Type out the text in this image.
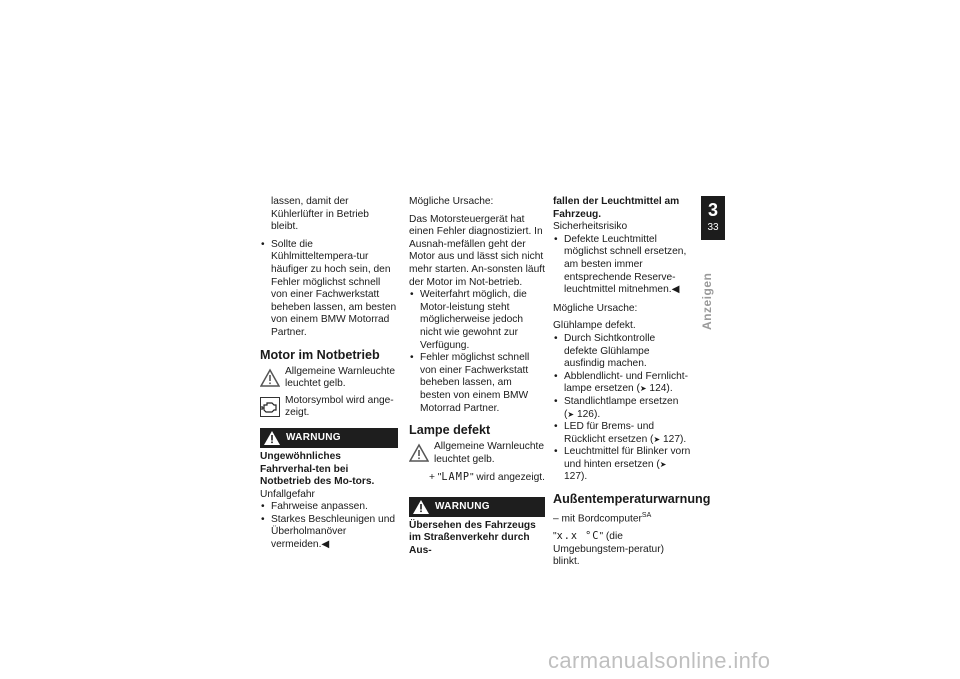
lassen, damit der Kühlerlüfter in Betrieb bleibt.

• Sollte die Kühlmitteltempera-tur häufiger zu hoch sein, den Fehler möglichst schnell von einer Fachwerkstatt beheben lassen, am besten von einem BMW Motorrad Partner.
Motor im Notbetrieb
Allgemeine Warnleuchte leuchtet gelb.
Motorsymbol wird ange-zeigt.
WARNUNG

Ungewöhnliches Fahrverhal-ten bei Notbetrieb des Mo-tors.

Unfallgefahr

• Fahrweise anpassen.
• Starkes Beschleunigen und Überholmanöver vermeiden.◀

Mögliche Ursache:

Das Motorsteuergerät hat einen Fehler diagnostiziert. In Ausnah-mefällen geht der Motor aus und lässt sich nicht mehr starten. An-sonsten läuft der Motor im Not-betrieb.

• Weiterfahrt möglich, die Motor-leistung steht möglicherweise jedoch nicht wie gewohnt zur Verfügung.
• Fehler möglichst schnell von einer Fachwerkstatt beheben lassen, am besten von einem BMW Motorrad Partner.
Lampe defekt
Allgemeine Warnleuchte leuchtet gelb.

+ "LAMP" wird angezeigt.

WARNUNG

Übersehen des Fahrzeugs im Straßenverkehr durch Aus-

fallen der Leuchtmittel am Fahrzeug.

Sicherheitsrisiko

• Defekte Leuchtmittel möglichst schnell ersetzen, am besten immer entsprechende Reserve-leuchtmittel mitnehmen.◀

Mögliche Ursache:

Glühlampe defekt.

• Durch Sichtkontrolle defekte Glühlampe ausfindig machen.
• Abblendlicht- und Fernlicht-lampe ersetzen (➤ 124).
• Standlichtlampe ersetzen (➤ 126).
• LED für Brems- und Rücklicht ersetzen (➤ 127).
• Leuchtmittel für Blinker vorn und hinten ersetzen (➤ 127).
Außentemperaturwarnung

– mit Bordcomputer$^{SA}$

"x.x °C" (die Umgebungstem-peratur) blinkt.

3
33
Anzeigen
carmanualsonline.info
